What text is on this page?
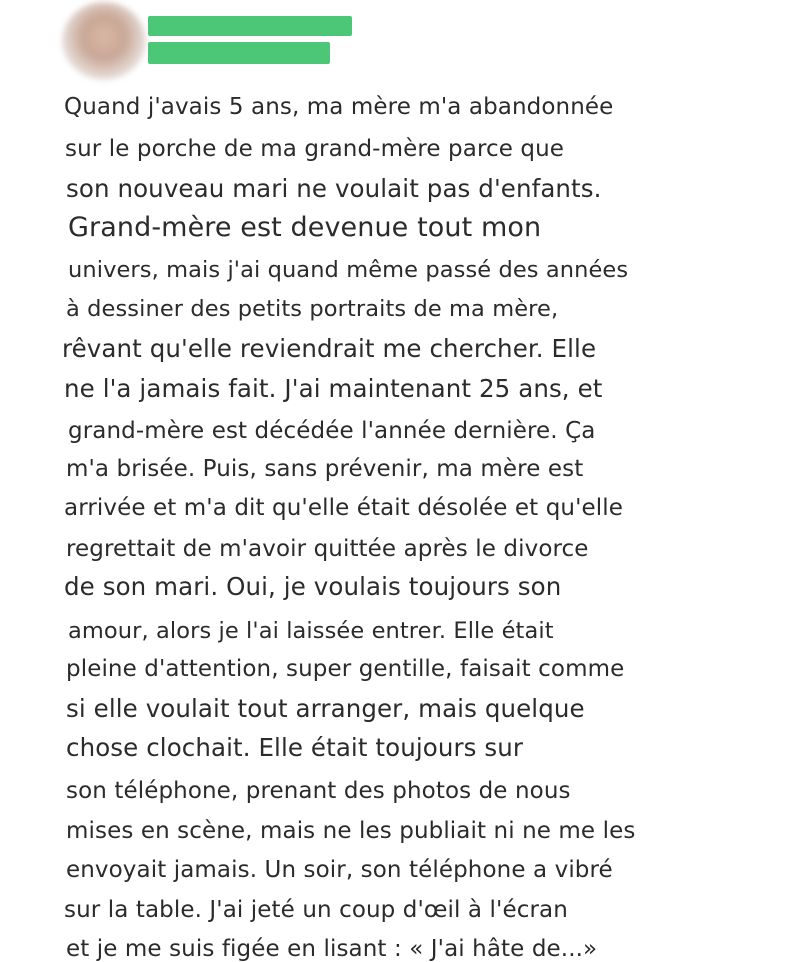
Quand j'avais 5 ans, ma mère m'a abandonnée
sur le porche de ma grand-mère parce que
son nouveau mari ne voulait pas d'enfants.
Grand-mère est devenue tout mon
univers, mais j'ai quand même passé des années
à dessiner des petits portraits de ma mère,
rêvant qu'elle reviendrait me chercher. Elle
ne l'a jamais fait. J'ai maintenant 25 ans, et
grand-mère est décédée l'année dernière. Ça
m'a brisée. Puis, sans prévenir, ma mère est
arrivée et m'a dit qu'elle était désolée et qu'elle
regrettait de m'avoir quittée après le divorce
de son mari. Oui, je voulais toujours son
amour, alors je l'ai laissée entrer. Elle était
pleine d'attention, super gentille, faisait comme
si elle voulait tout arranger, mais quelque
chose clochait. Elle était toujours sur
son téléphone, prenant des photos de nous
mises en scène, mais ne les publiait ni ne me les
envoyait jamais. Un soir, son téléphone a vibré
sur la table. J'ai jeté un coup d'œil à l'écran
et je me suis figée en lisant : « J'ai hâte de...»
